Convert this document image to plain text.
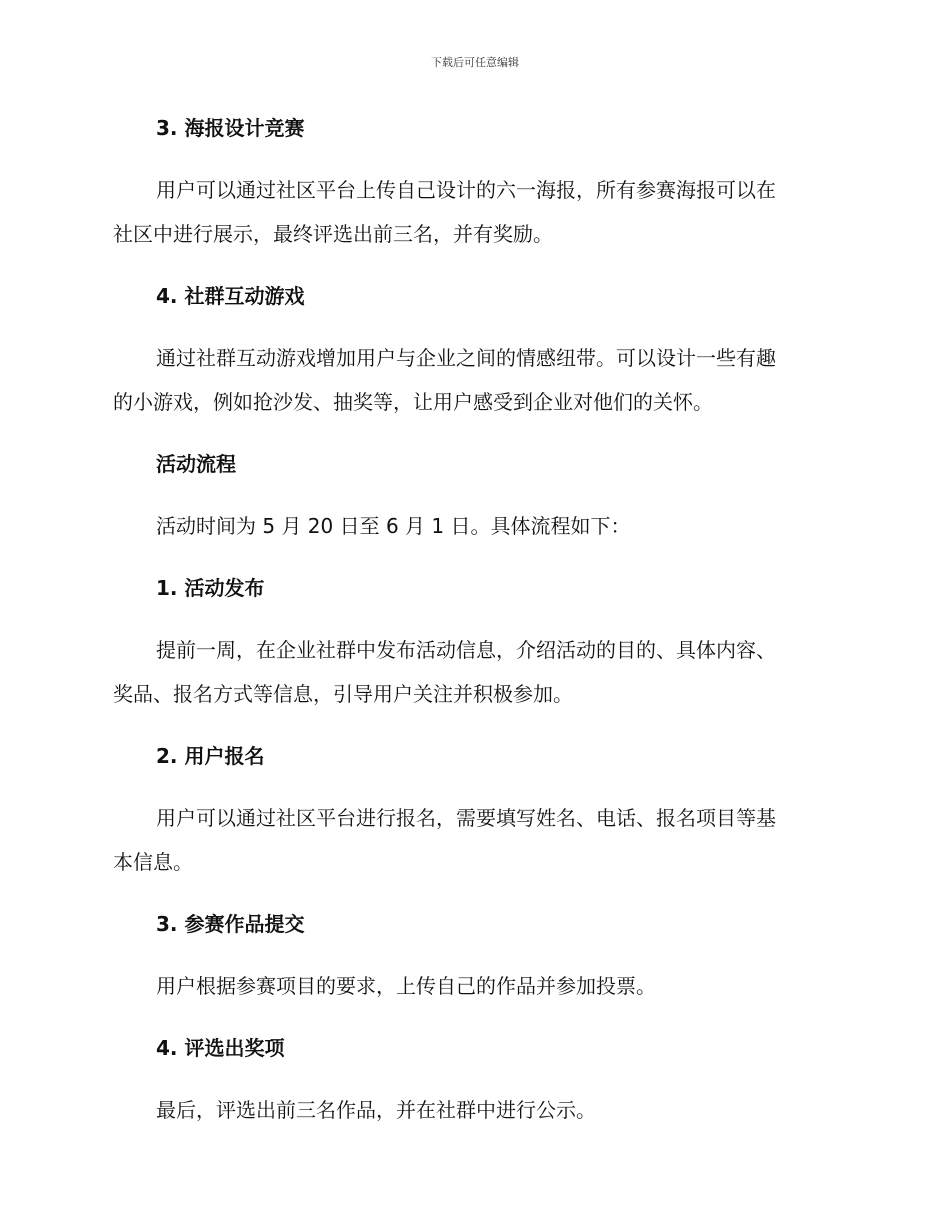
下载后可任意编辑

3. 海报设计竞赛

用户可以通过社区平台上传自己设计的六一海报，所有参赛海报可以在
社区中进行展示，最终评选出前三名，并有奖励。

4. 社群互动游戏

通过社群互动游戏增加用户与企业之间的情感纽带。可以设计一些有趣
的小游戏，例如抢沙发、抽奖等，让用户感受到企业对他们的关怀。

活动流程

活动时间为 5 月 20 日至 6 月 1 日。具体流程如下：

1. 活动发布

提前一周，在企业社群中发布活动信息，介绍活动的目的、具体内容、
奖品、报名方式等信息，引导用户关注并积极参加。

2. 用户报名

用户可以通过社区平台进行报名，需要填写姓名、电话、报名项目等基
本信息。

3. 参赛作品提交

用户根据参赛项目的要求，上传自己的作品并参加投票。

4. 评选出奖项

最后，评选出前三名作品，并在社群中进行公示。
